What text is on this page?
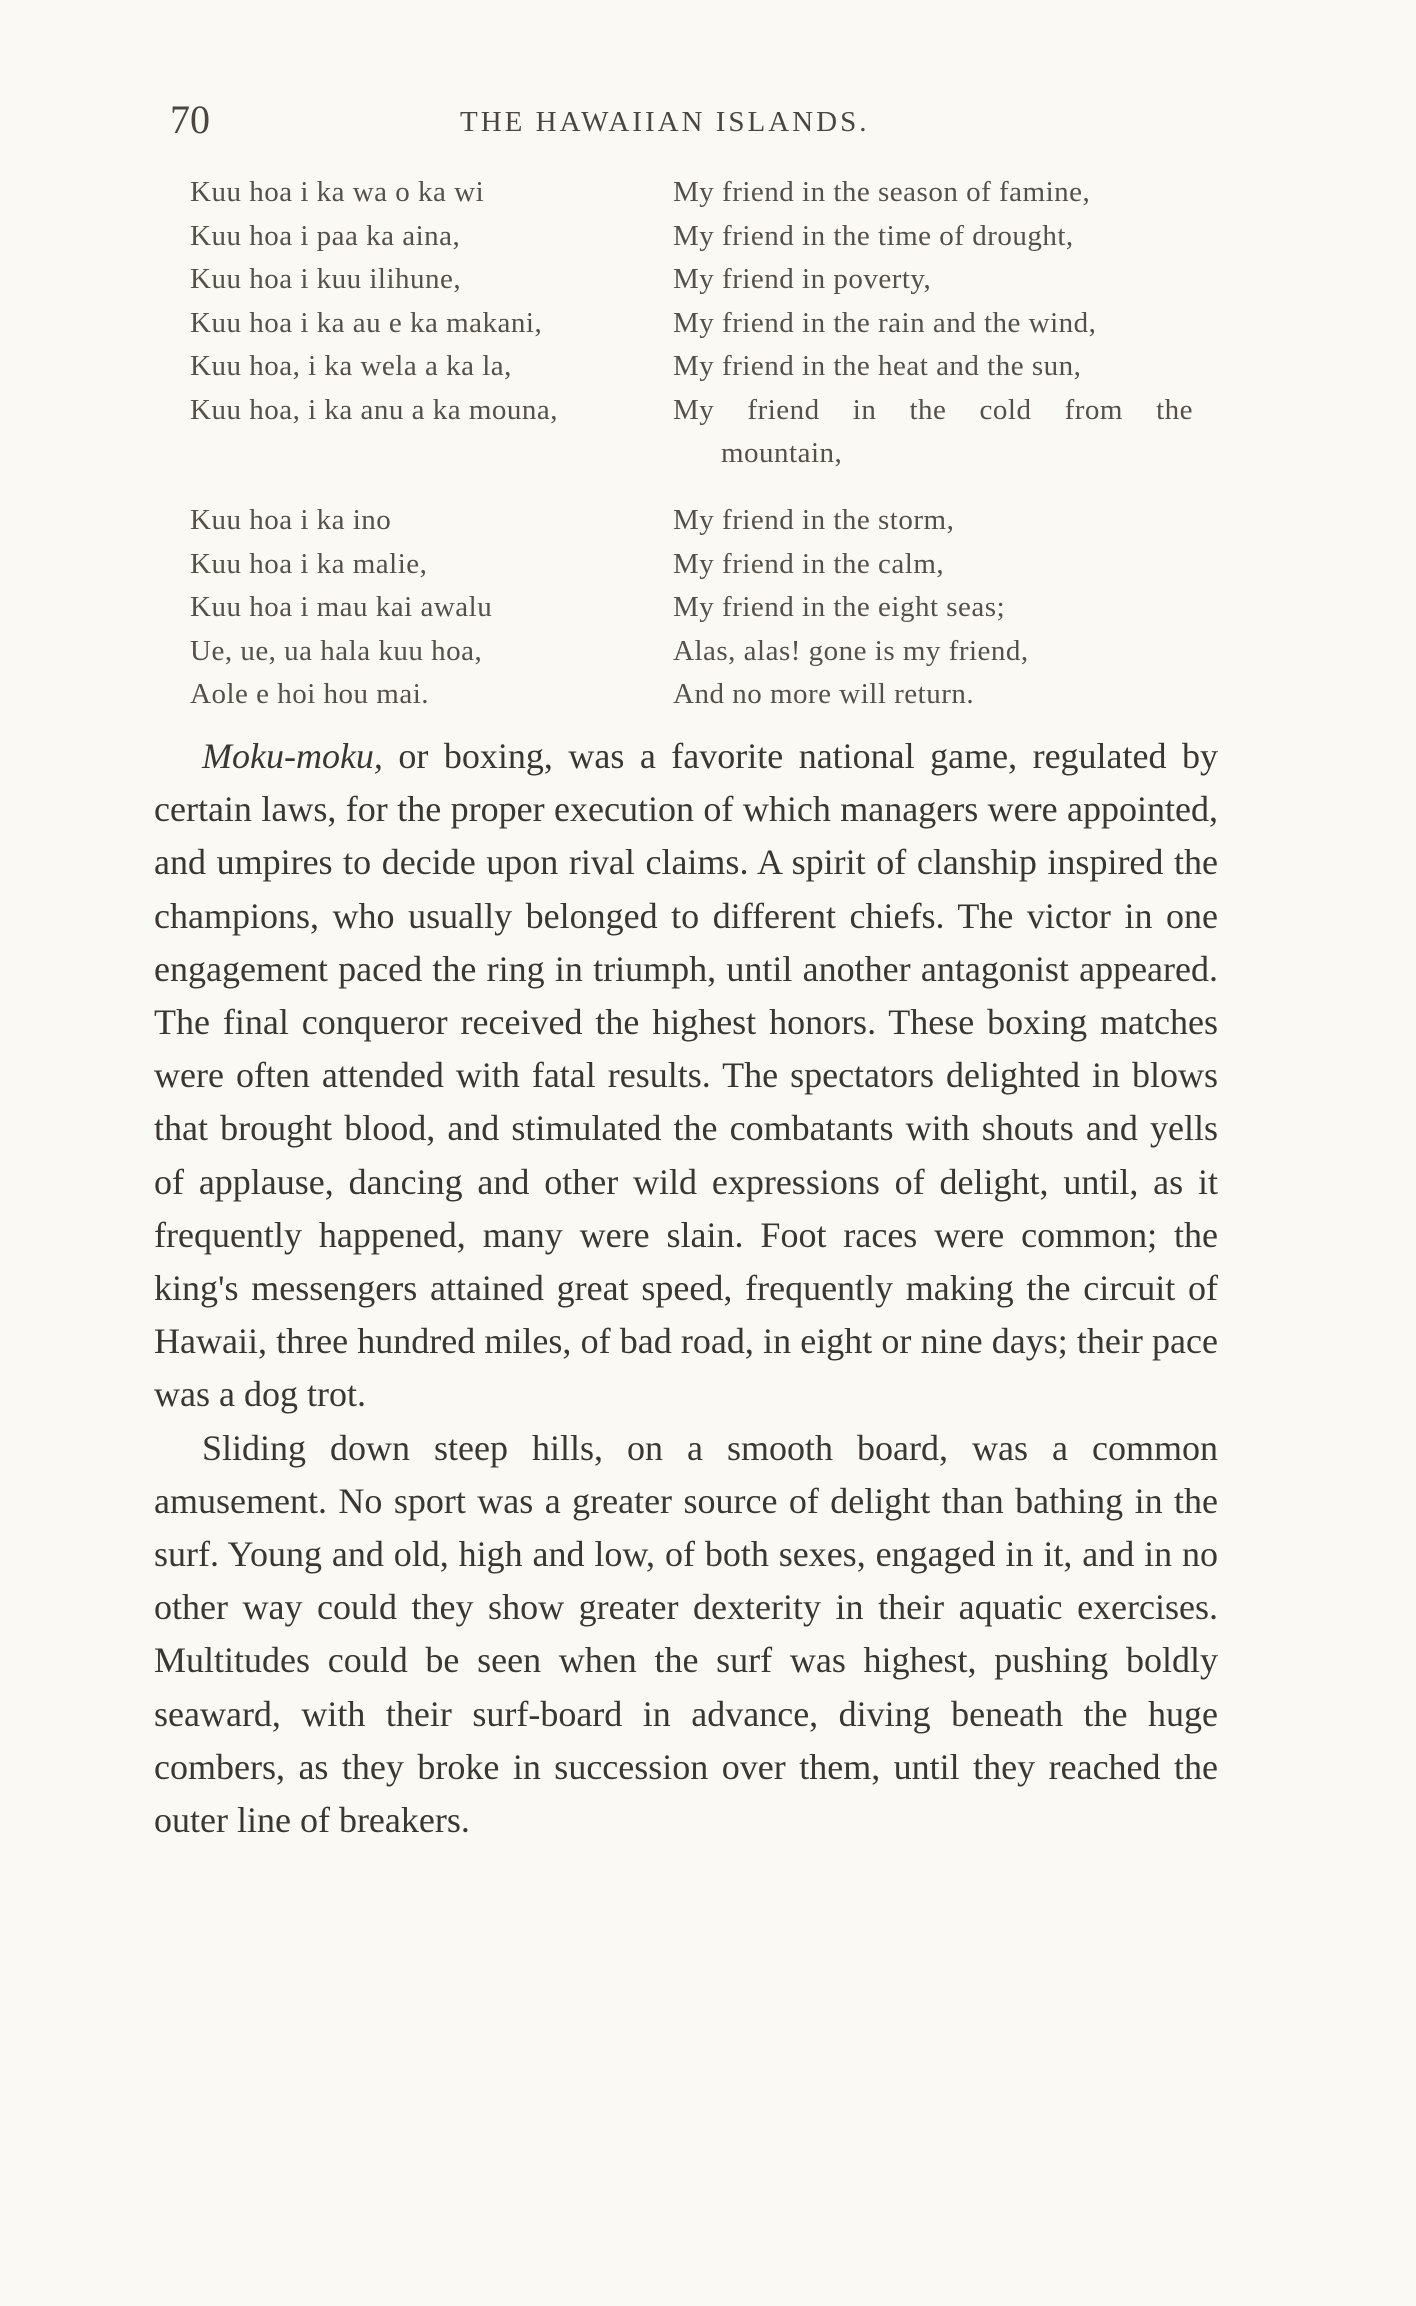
70	THE HAWAIIAN ISLANDS.
Kuu hoa i ka wa o ka wi	My friend in the season of famine,
Kuu hoa i paa ka aina,	My friend in the time of drought,
Kuu hoa i kuu ilihune,	My friend in poverty,
Kuu hoa i ka au e ka makani,	My friend in the rain and the wind,
Kuu hoa, i ka wela a ka la,	My friend in the heat and the sun,
Kuu hoa, i ka anu a ka mouna,	My friend in the cold from the
mountain,
Kuu hoa i ka ino	My friend in the storm,
Kuu hoa i ka malie,	My friend in the calm,
Kuu hoa i mau kai awalu	My friend in the eight seas;
Ue, ue, ua hala kuu hoa,	Alas, alas! gone is my friend,
Aole e hoi hou mai.	And no more will return.

Moku-moku, or boxing, was a favorite national game, regulated by certain laws, for the proper execution of which managers were appointed, and umpires to decide upon rival claims. A spirit of clanship inspired the champions, who usually belonged to different chiefs. The victor in one engagement paced the ring in triumph, until another antagonist appeared. The final conqueror received the highest honors. These boxing matches were often attended with fatal results. The spectators delighted in blows that brought blood, and stimulated the combatants with shouts and yells of applause, dancing and other wild expressions of delight, until, as it frequently happened, many were slain. Foot races were common; the king's messengers attained great speed, frequently making the circuit of Hawaii, three hundred miles, of bad road, in eight or nine days; their pace was a dog trot.

Sliding down steep hills, on a smooth board, was a common amusement. No sport was a greater source of delight than bathing in the surf. Young and old, high and low, of both sexes, engaged in it, and in no other way could they show greater dexterity in their aquatic exercises. Multitudes could be seen when the surf was highest, pushing boldly seaward, with their surf-board in advance, diving beneath the huge combers, as they broke in succession over them, until they reached the outer line of breakers.
